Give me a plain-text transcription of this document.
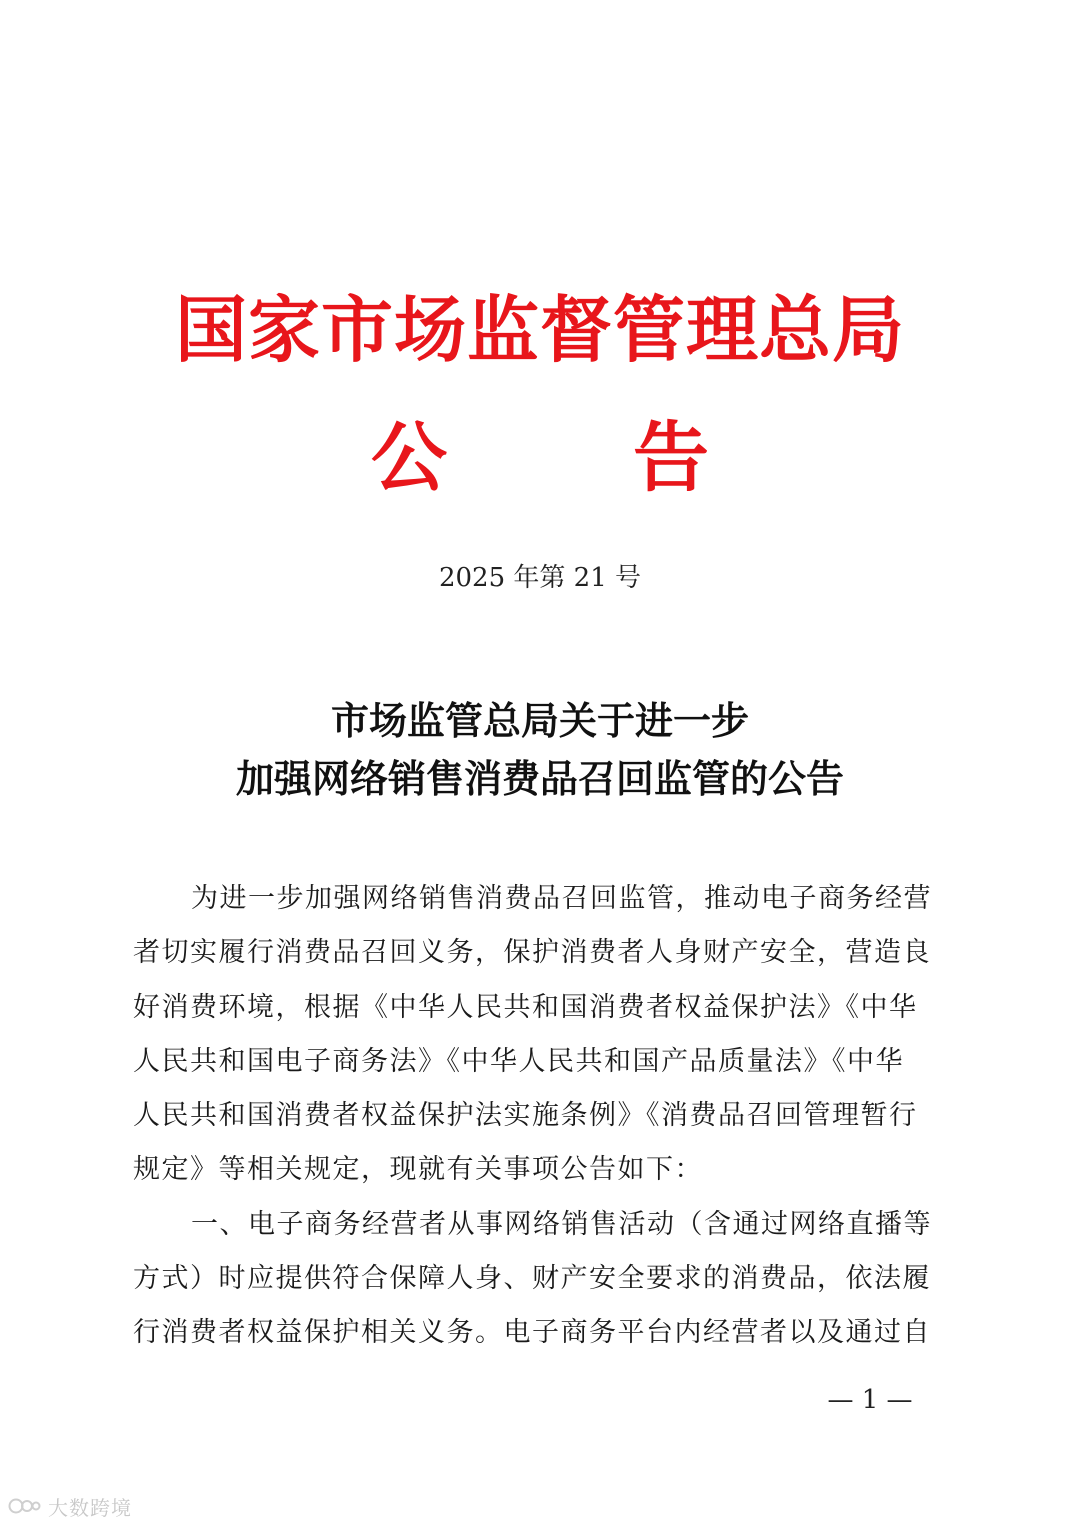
国家市场监督管理总局
公告
2025 年第 21 号
市场监管总局关于进一步
加强网络销售消费品召回监管的公告
为进一步加强网络销售消费品召回监管，推动电子商务经营
者切实履行消费品召回义务，保护消费者人身财产安全，营造良
好消费环境，根据《中华人民共和国消费者权益保护法》《中华
人民共和国电子商务法》《中华人民共和国产品质量法》《中华
人民共和国消费者权益保护法实施条例》《消费品召回管理暂行
规定》等相关规定，现就有关事项公告如下：
一、电子商务经营者从事网络销售活动（含通过网络直播等
方式）时应提供符合保障人身、财产安全要求的消费品，依法履
行消费者权益保护相关义务。电子商务平台内经营者以及通过自
— 1 —
大数跨境
